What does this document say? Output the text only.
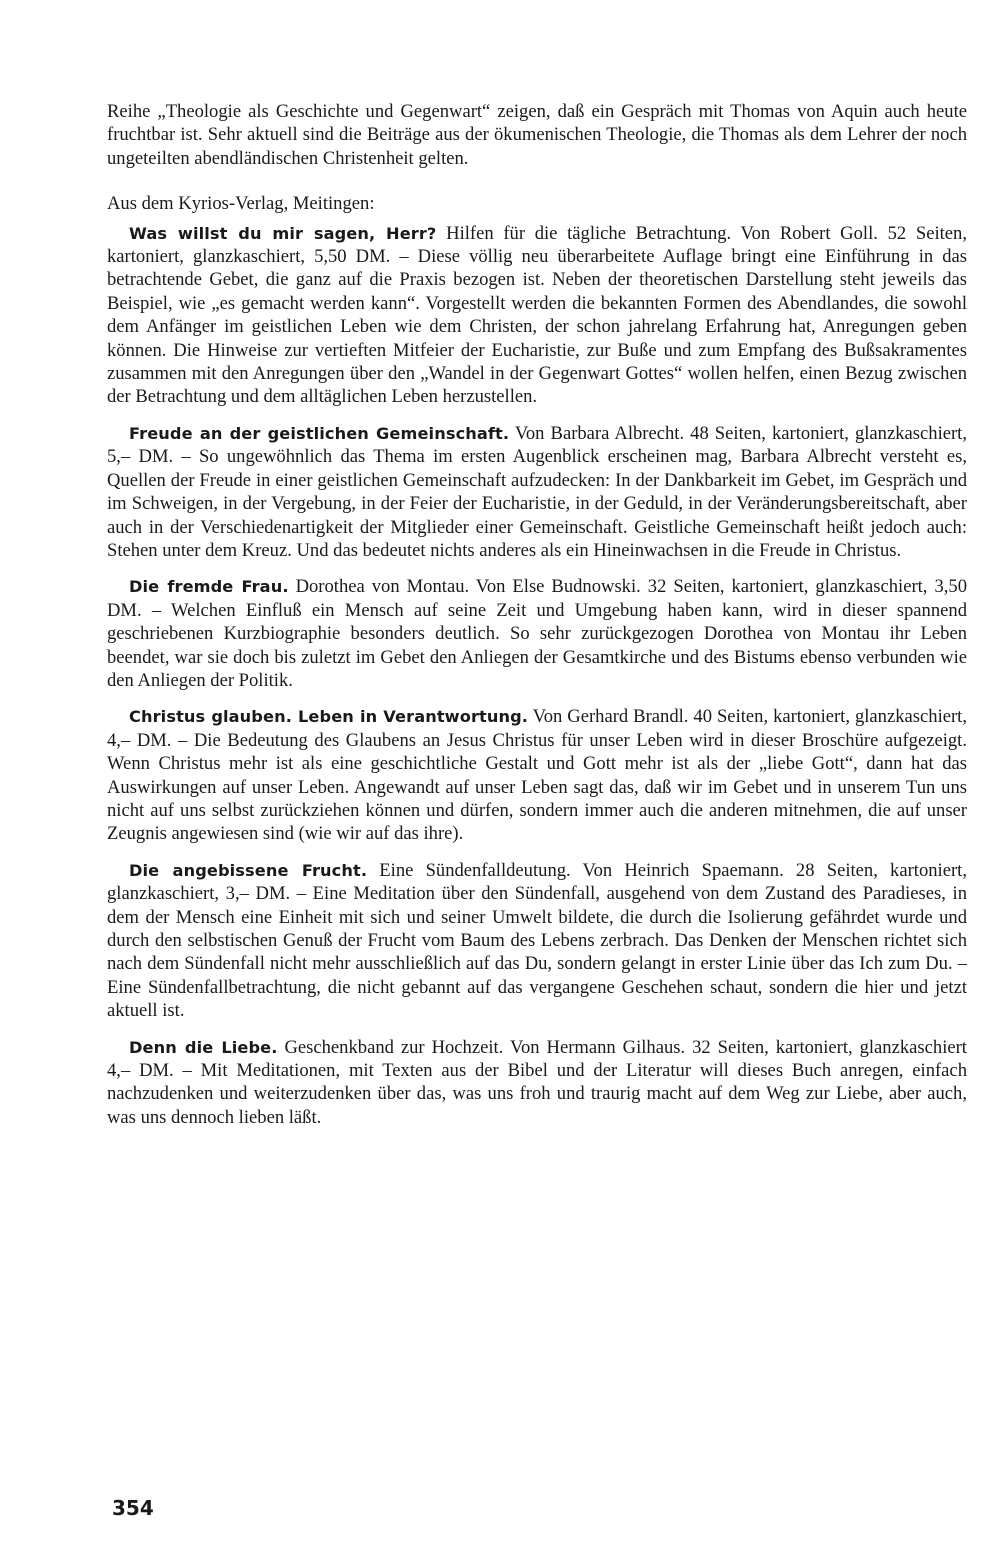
Reihe „Theologie als Geschichte und Gegenwart“ zeigen, daß ein Gespräch mit Thomas von Aquin auch heute fruchtbar ist. Sehr aktuell sind die Beiträge aus der ökumenischen Theologie, die Thomas als dem Lehrer der noch ungeteilten abendländischen Christenheit gelten.

Aus dem Kyrios-Verlag, Meitingen:

Was willst du mir sagen, Herr? Hilfen für die tägliche Betrachtung. Von Robert Goll. 52 Seiten, kartoniert, glanzkaschiert, 5,50 DM. – Diese völlig neu überarbeitete Auflage bringt eine Einführung in das betrachtende Gebet, die ganz auf die Praxis bezogen ist. Neben der theoretischen Darstellung steht jeweils das Beispiel, wie „es gemacht werden kann“. Vorgestellt werden die bekannten Formen des Abendlandes, die sowohl dem Anfänger im geistlichen Leben wie dem Christen, der schon jahrelang Erfahrung hat, Anregungen geben können. Die Hinweise zur vertieften Mitfeier der Eucharistie, zur Buße und zum Empfang des Bußsakramentes zusammen mit den Anregungen über den „Wandel in der Gegenwart Gottes“ wollen helfen, einen Bezug zwischen der Betrachtung und dem alltäglichen Leben herzustellen.

Freude an der geistlichen Gemeinschaft. Von Barbara Albrecht. 48 Seiten, kartoniert, glanzkaschiert, 5,– DM. – So ungewöhnlich das Thema im ersten Augenblick erscheinen mag, Barbara Albrecht versteht es, Quellen der Freude in einer geistlichen Gemeinschaft aufzudecken: In der Dankbarkeit im Gebet, im Gespräch und im Schweigen, in der Vergebung, in der Feier der Eucharistie, in der Geduld, in der Veränderungsbereitschaft, aber auch in der Verschiedenartigkeit der Mitglieder einer Gemeinschaft. Geistliche Gemeinschaft heißt jedoch auch: Stehen unter dem Kreuz. Und das bedeutet nichts anderes als ein Hineinwachsen in die Freude in Christus.

Die fremde Frau. Dorothea von Montau. Von Else Budnowski. 32 Seiten, kartoniert, glanzkaschiert, 3,50 DM. – Welchen Einfluß ein Mensch auf seine Zeit und Umgebung haben kann, wird in dieser spannend geschriebenen Kurzbiographie besonders deutlich. So sehr zurückgezogen Dorothea von Montau ihr Leben beendet, war sie doch bis zuletzt im Gebet den Anliegen der Gesamtkirche und des Bistums ebenso verbunden wie den Anliegen der Politik.

Christus glauben. Leben in Verantwortung. Von Gerhard Brandl. 40 Seiten, kartoniert, glanzkaschiert, 4,– DM. – Die Bedeutung des Glaubens an Jesus Christus für unser Leben wird in dieser Broschüre aufgezeigt. Wenn Christus mehr ist als eine geschichtliche Gestalt und Gott mehr ist als der „liebe Gott“, dann hat das Auswirkungen auf unser Leben. Angewandt auf unser Leben sagt das, daß wir im Gebet und in unserem Tun uns nicht auf uns selbst zurückziehen können und dürfen, sondern immer auch die anderen mitnehmen, die auf unser Zeugnis angewiesen sind (wie wir auf das ihre).

Die angebissene Frucht. Eine Sündenfalldeutung. Von Heinrich Spaemann. 28 Seiten, kartoniert, glanzkaschiert, 3,– DM. – Eine Meditation über den Sündenfall, ausgehend von dem Zustand des Paradieses, in dem der Mensch eine Einheit mit sich und seiner Umwelt bildete, die durch die Isolierung gefährdet wurde und durch den selbstischen Genuß der Frucht vom Baum des Lebens zerbrach. Das Denken der Menschen richtet sich nach dem Sündenfall nicht mehr ausschließlich auf das Du, sondern gelangt in erster Linie über das Ich zum Du. – Eine Sündenfallbetrachtung, die nicht gebannt auf das vergangene Geschehen schaut, sondern die hier und jetzt aktuell ist.

Denn die Liebe. Geschenkband zur Hochzeit. Von Hermann Gilhaus. 32 Seiten, kartoniert, glanzkaschiert 4,– DM. – Mit Meditationen, mit Texten aus der Bibel und der Literatur will dieses Buch anregen, einfach nachzudenken und weiterzudenken über das, was uns froh und traurig macht auf dem Weg zur Liebe, aber auch, was uns dennoch lieben läßt.

354
